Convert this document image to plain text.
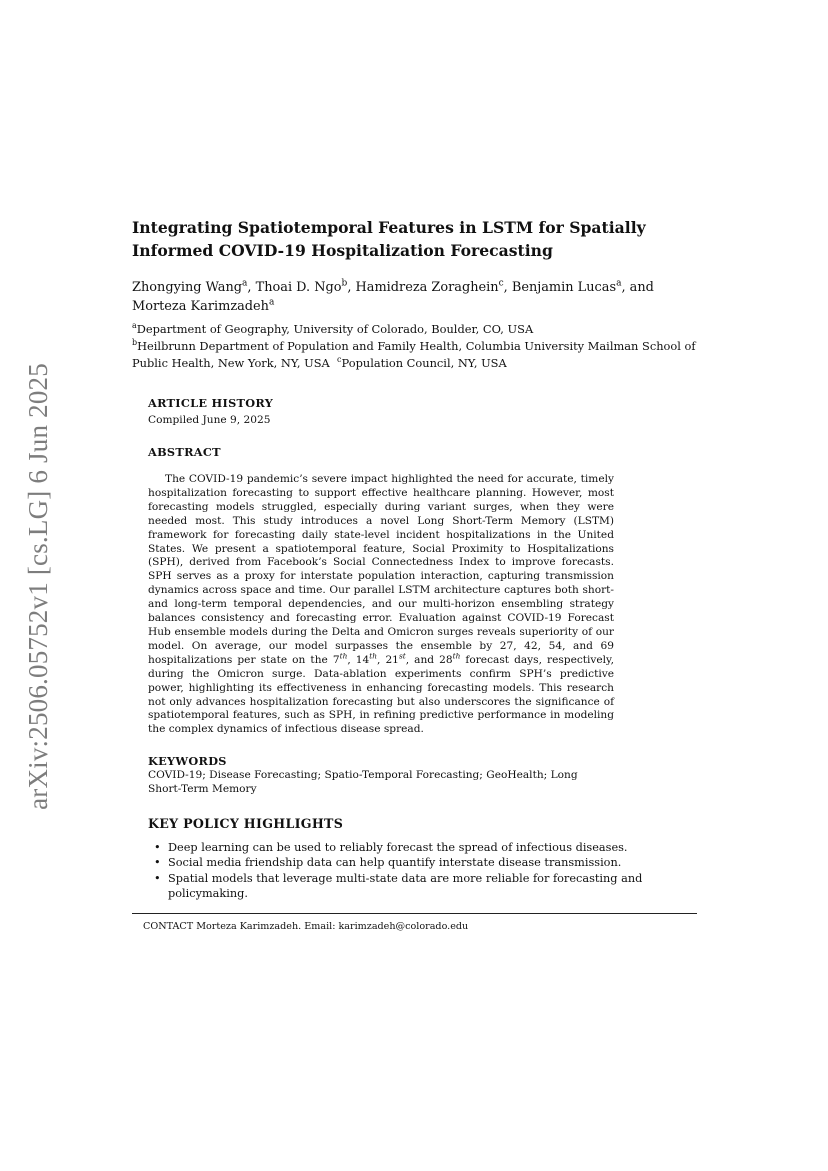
arXiv:2506.05752v1 [cs.LG] 6 Jun 2025
Integrating Spatiotemporal Features in LSTM for Spatially Informed COVID-19 Hospitalization Forecasting

Zhongying Wang$^a$, Thoai D. Ngo$^b$, Hamidreza Zoraghein$^c$, Benjamin Lucas$^a$, and
Morteza Karimzadeh$^a$

$^a$Department of Geography, University of Colorado, Boulder, CO, USA
$^b$Heilbrunn Department of Population and Family Health, Columbia University Mailman School of Public Health, New York, NY, USA $^c$Population Council, NY, USA

ARTICLE HISTORY

Compiled June 9, 2025

ABSTRACT

The COVID-19 pandemic’s severe impact highlighted the need for accurate, timely hospitalization forecasting to support effective healthcare planning. However, most forecasting models struggled, especially during variant surges, when they were needed most. This study introduces a novel Long Short-Term Memory (LSTM) framework for forecasting daily state-level incident hospitalizations in the United States. We present a spatiotemporal feature, Social Proximity to Hospitalizations (SPH), derived from Facebook’s Social Connectedness Index to improve forecasts. SPH serves as a proxy for interstate population interaction, capturing transmission dynamics across space and time. Our parallel LSTM architecture captures both short- and long-term temporal dependencies, and our multi-horizon ensembling strategy balances consistency and forecasting error. Evaluation against COVID-19 Forecast Hub ensemble models during the Delta and Omicron surges reveals superiority of our model. On average, our model surpasses the ensemble by 27, 42, 54, and 69 hospitalizations per state on the 7th, 14th, 21st, and 28th forecast days, respectively, during the Omicron surge. Data-ablation experiments confirm SPH’s predictive power, highlighting its effectiveness in enhancing forecasting models. This research not only advances hospitalization forecasting but also underscores the significance of spatiotemporal features, such as SPH, in refining predictive performance in modeling the complex dynamics of infectious disease spread.

KEYWORDS

COVID-19; Disease Forecasting; Spatio-Temporal Forecasting; GeoHealth; Long Short-Term Memory

KEY POLICY HIGHLIGHTS
• Deep learning can be used to reliably forecast the spread of infectious diseases.
• Social media friendship data can help quantify interstate disease transmission.
• Spatial models that leverage multi-state data are more reliable for forecasting and policymaking.

CONTACT Morteza Karimzadeh. Email: karimzadeh@colorado.edu
